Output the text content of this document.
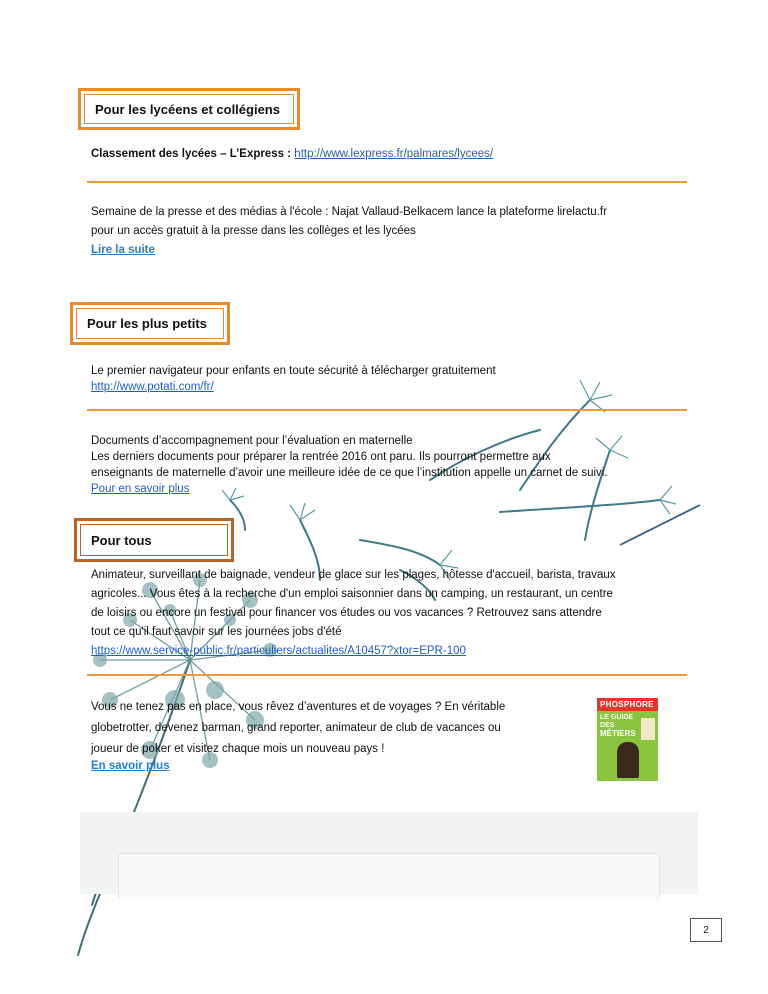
Pour les lycéens et collégiens
Classement des lycées – L’Express : http://www.lexpress.fr/palmares/lycees/
Semaine de la presse et des médias à l'école : Najat Vallaud-Belkacem lance la plateforme lirelactu.fr
pour un accès gratuit à la presse dans les collèges et les lycées
Lire la suite
Pour les plus petits
Le premier navigateur pour enfants en toute sécurité à télécharger gratuitement
http://www.potati.com/fr/
Documents d’accompagnement pour l’évaluation en maternelle
Les derniers documents pour préparer la rentrée 2016 ont paru. Ils pourront permettre aux
enseignants de maternelle d’avoir une meilleure idée de ce que l’institution appelle un carnet de suivi.
Pour en savoir plus
Pour tous
Animateur, surveillant de baignade, vendeur de glace sur les plages, hôtesse d'accueil, barista, travaux
agricoles... Vous êtes à la recherche d'un emploi saisonnier dans un camping, un restaurant, un centre
de loisirs ou encore un festival pour financer vos études ou vos vacances ? Retrouvez sans attendre
tout ce qu'il faut savoir sur les journées jobs d'été
https://www.service-public.fr/particuliers/actualites/A10457?xtor=EPR-100
Vous ne tenez pas en place, vous rêvez d’aventures et de voyages ? En véritable
globetrotter, devenez barman, grand reporter, animateur de club de vacances ou
joueur de poker et visitez chaque mois un nouveau pays !
En savoir plus
PHOSPHORE
LE GUIDE
DES
MÉTIERS
2
